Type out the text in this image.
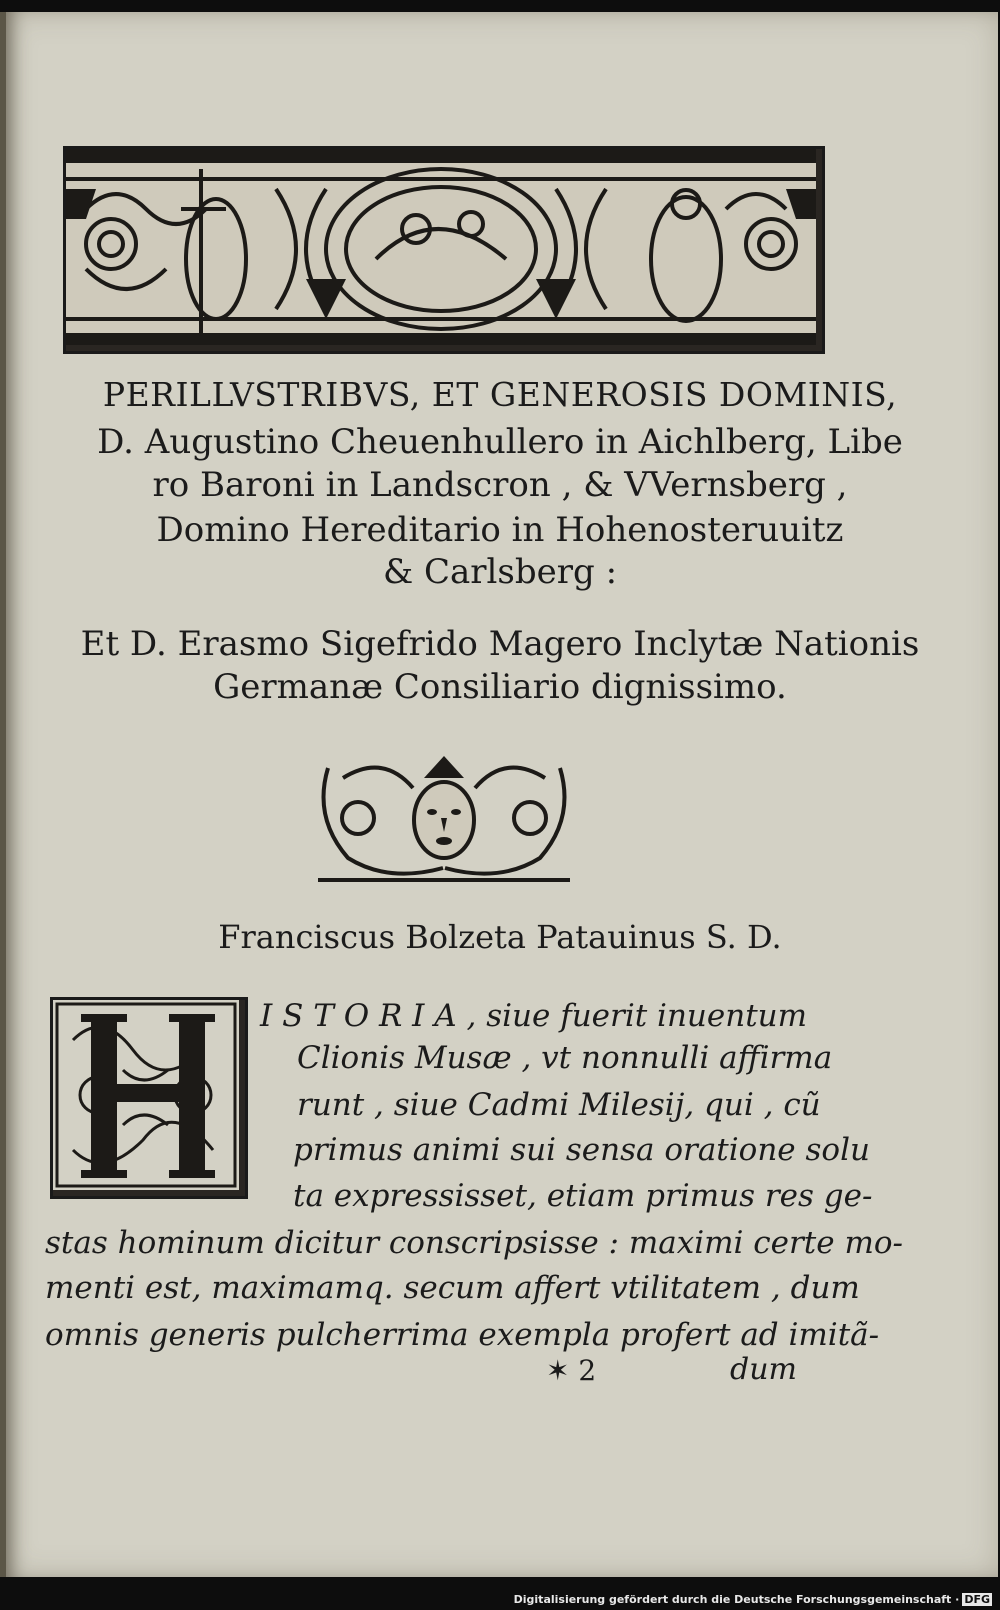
PERILLVSTRIBVS, ET GENEROSIS DOMINIS,
D. Augustino Cheuenhullero in Aichlberg, Libe
ro Baroni in Landscron , & VVernsberg ,
Domino Hereditario in Hohenosteruuitz
& Carlsberg :
Et D. Erasmo Sigefrido Magero Inclytæ Nationis
Germanæ Consiliario dignissimo.
Franciscus Bolzeta Patauinus S. D.
I S T O R I A , siue fuerit inuentum
Clionis Musæ , vt nonnulli affirma
runt , siue Cadmi Milesij, qui , cũ
primus animi sui sensa oratione solu
ta expressisset, etiam primus res ge-
stas hominum dicitur conscripsisse : maximi certe mo-
menti est, maximamq. secum affert vtilitatem , dum
omnis generis pulcherrima exempla profert ad imitã-
✶ 2	dum
Digitalisierung gefördert durch die Deutsche Forschungsgemeinschaft · DFG
